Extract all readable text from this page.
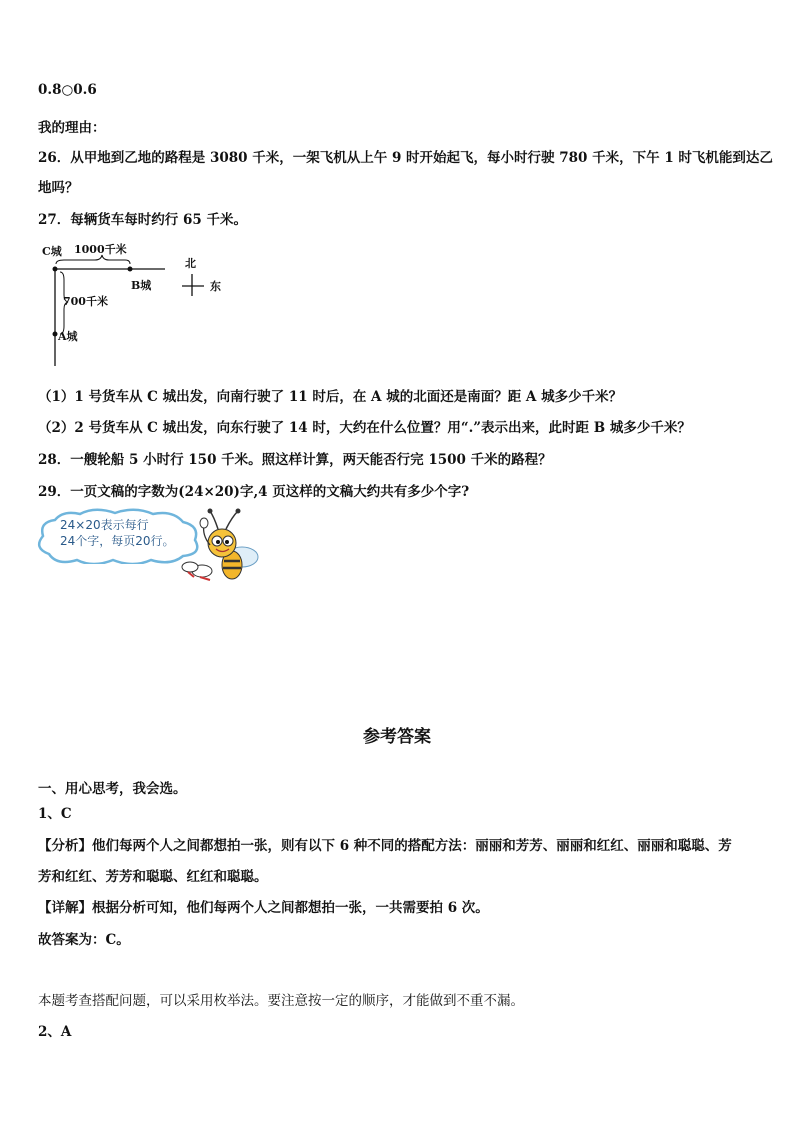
0.8○0.6
我的理由：
26．从甲地到乙地的路程是 3080 千米，一架飞机从上午 9 时开始起飞，每小时行驶 780 千米，下午 1 时飞机能到达乙
地吗？
27．每辆货车每时约行 65 千米。
C城 1000千米
B城
700千米
A城
北
东
（1）1 号货车从 C 城出发，向南行驶了 11 时后，在 A 城的北面还是南面？距 A 城多少千米？
（2）2 号货车从 C 城出发，向东行驶了 14 时，大约在什么位置？用“.”表示出来，此时距 B 城多少千米？
28．一艘轮船 5 小时行 150 千米。照这样计算，两天能否行完 1500 千米的路程？
29．一页文稿的字数为(24×20)字,4 页这样的文稿大约共有多少个字?
24×20表示每行
24个字，每页20行。
参考答案
一、用心思考，我会选。
1、C
【分析】他们每两个人之间都想拍一张，则有以下 6 种不同的搭配方法：丽丽和芳芳、丽丽和红红、丽丽和聪聪、芳
芳和红红、芳芳和聪聪、红红和聪聪。
【详解】根据分析可知，他们每两个人之间都想拍一张，一共需要拍 6 次。
故答案为：C。
本题考查搭配问题，可以采用枚举法。要注意按一定的顺序，才能做到不重不漏。
2、A
